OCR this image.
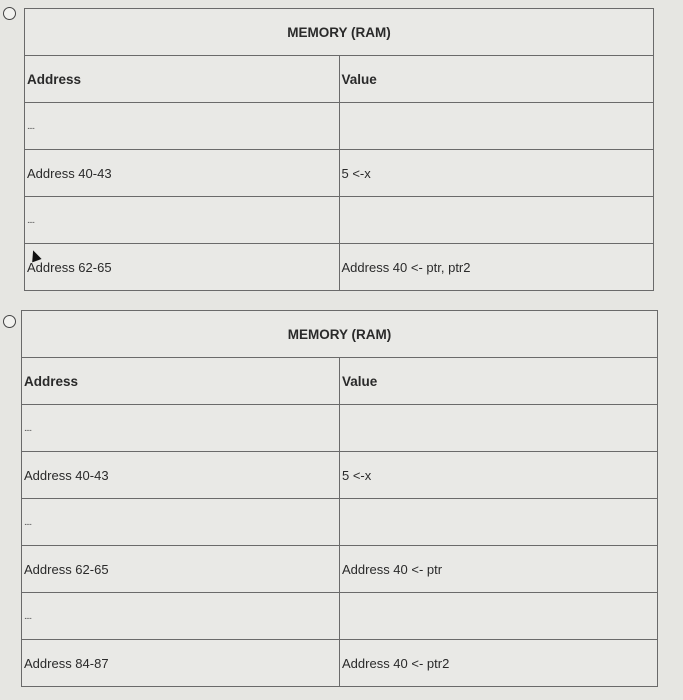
MEMORY (RAM)	
Address	Value
....	
Address 40-43	5 <-x
....	
Address 62-65	Address 40 <- ptr, ptr2
MEMORY (RAM)	
Address	Value
....	
Address 40-43	5 <-x
....	
Address 62-65	Address 40 <- ptr
....	
Address 84-87	Address 40 <- ptr2
